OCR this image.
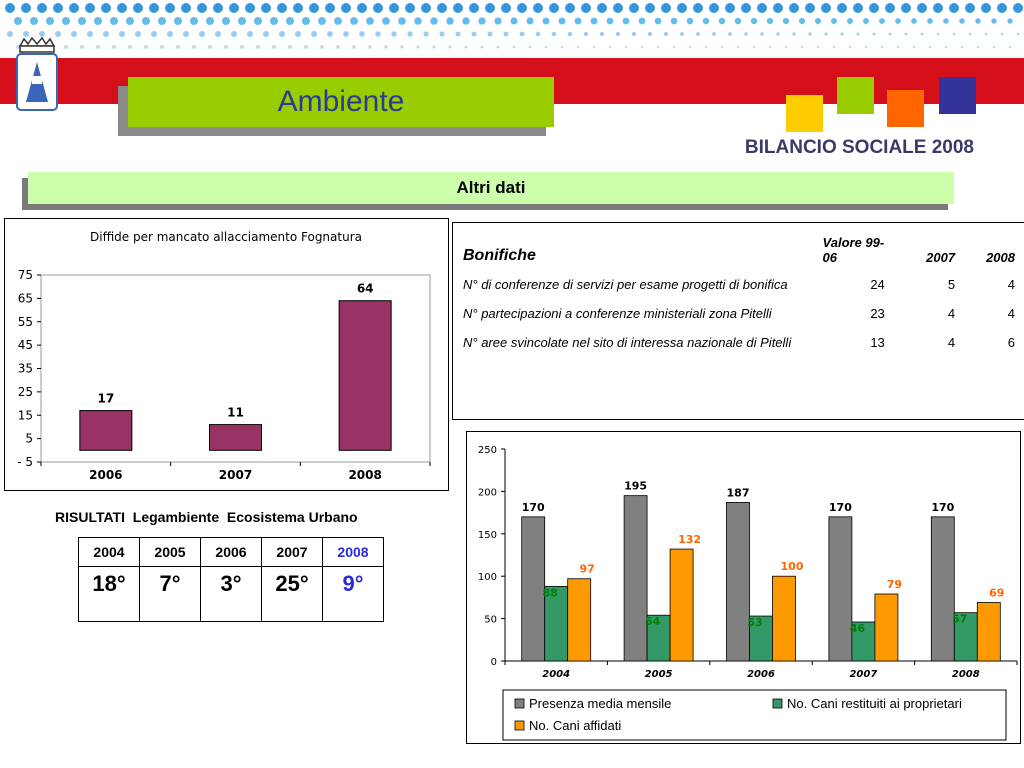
Ambiente
BILANCIO SOCIALE 2008
Altri dati
Diffide per mancato allacciamento Fognatura
75
65
55
45
35
25
15
5
- 5
17
2006
11
2007
64
2008
Bonifiche	Valore 99-06	2007	2008
N° di conferenze di servizi per esame progetti di bonifica	24	5	4
N° partecipazioni a conferenze ministeriali zona Pitelli	23	4	4
N° aree svincolate nel sito di interessa nazionale di Pitelli	13	4	6
RISULTATI  Legambiente  Ecosistema Urbano
2004	2005	2006	2007	2008
18°	7°	3°	25°	9°
250
200
150
100
50
0
170
88
97
2004
195
54
132
2005
187
53
100
2006
170
46
79
2007
170
57
69
2008
Presenza media mensile	No. Cani restituiti ai proprietari
No. Cani affidati
